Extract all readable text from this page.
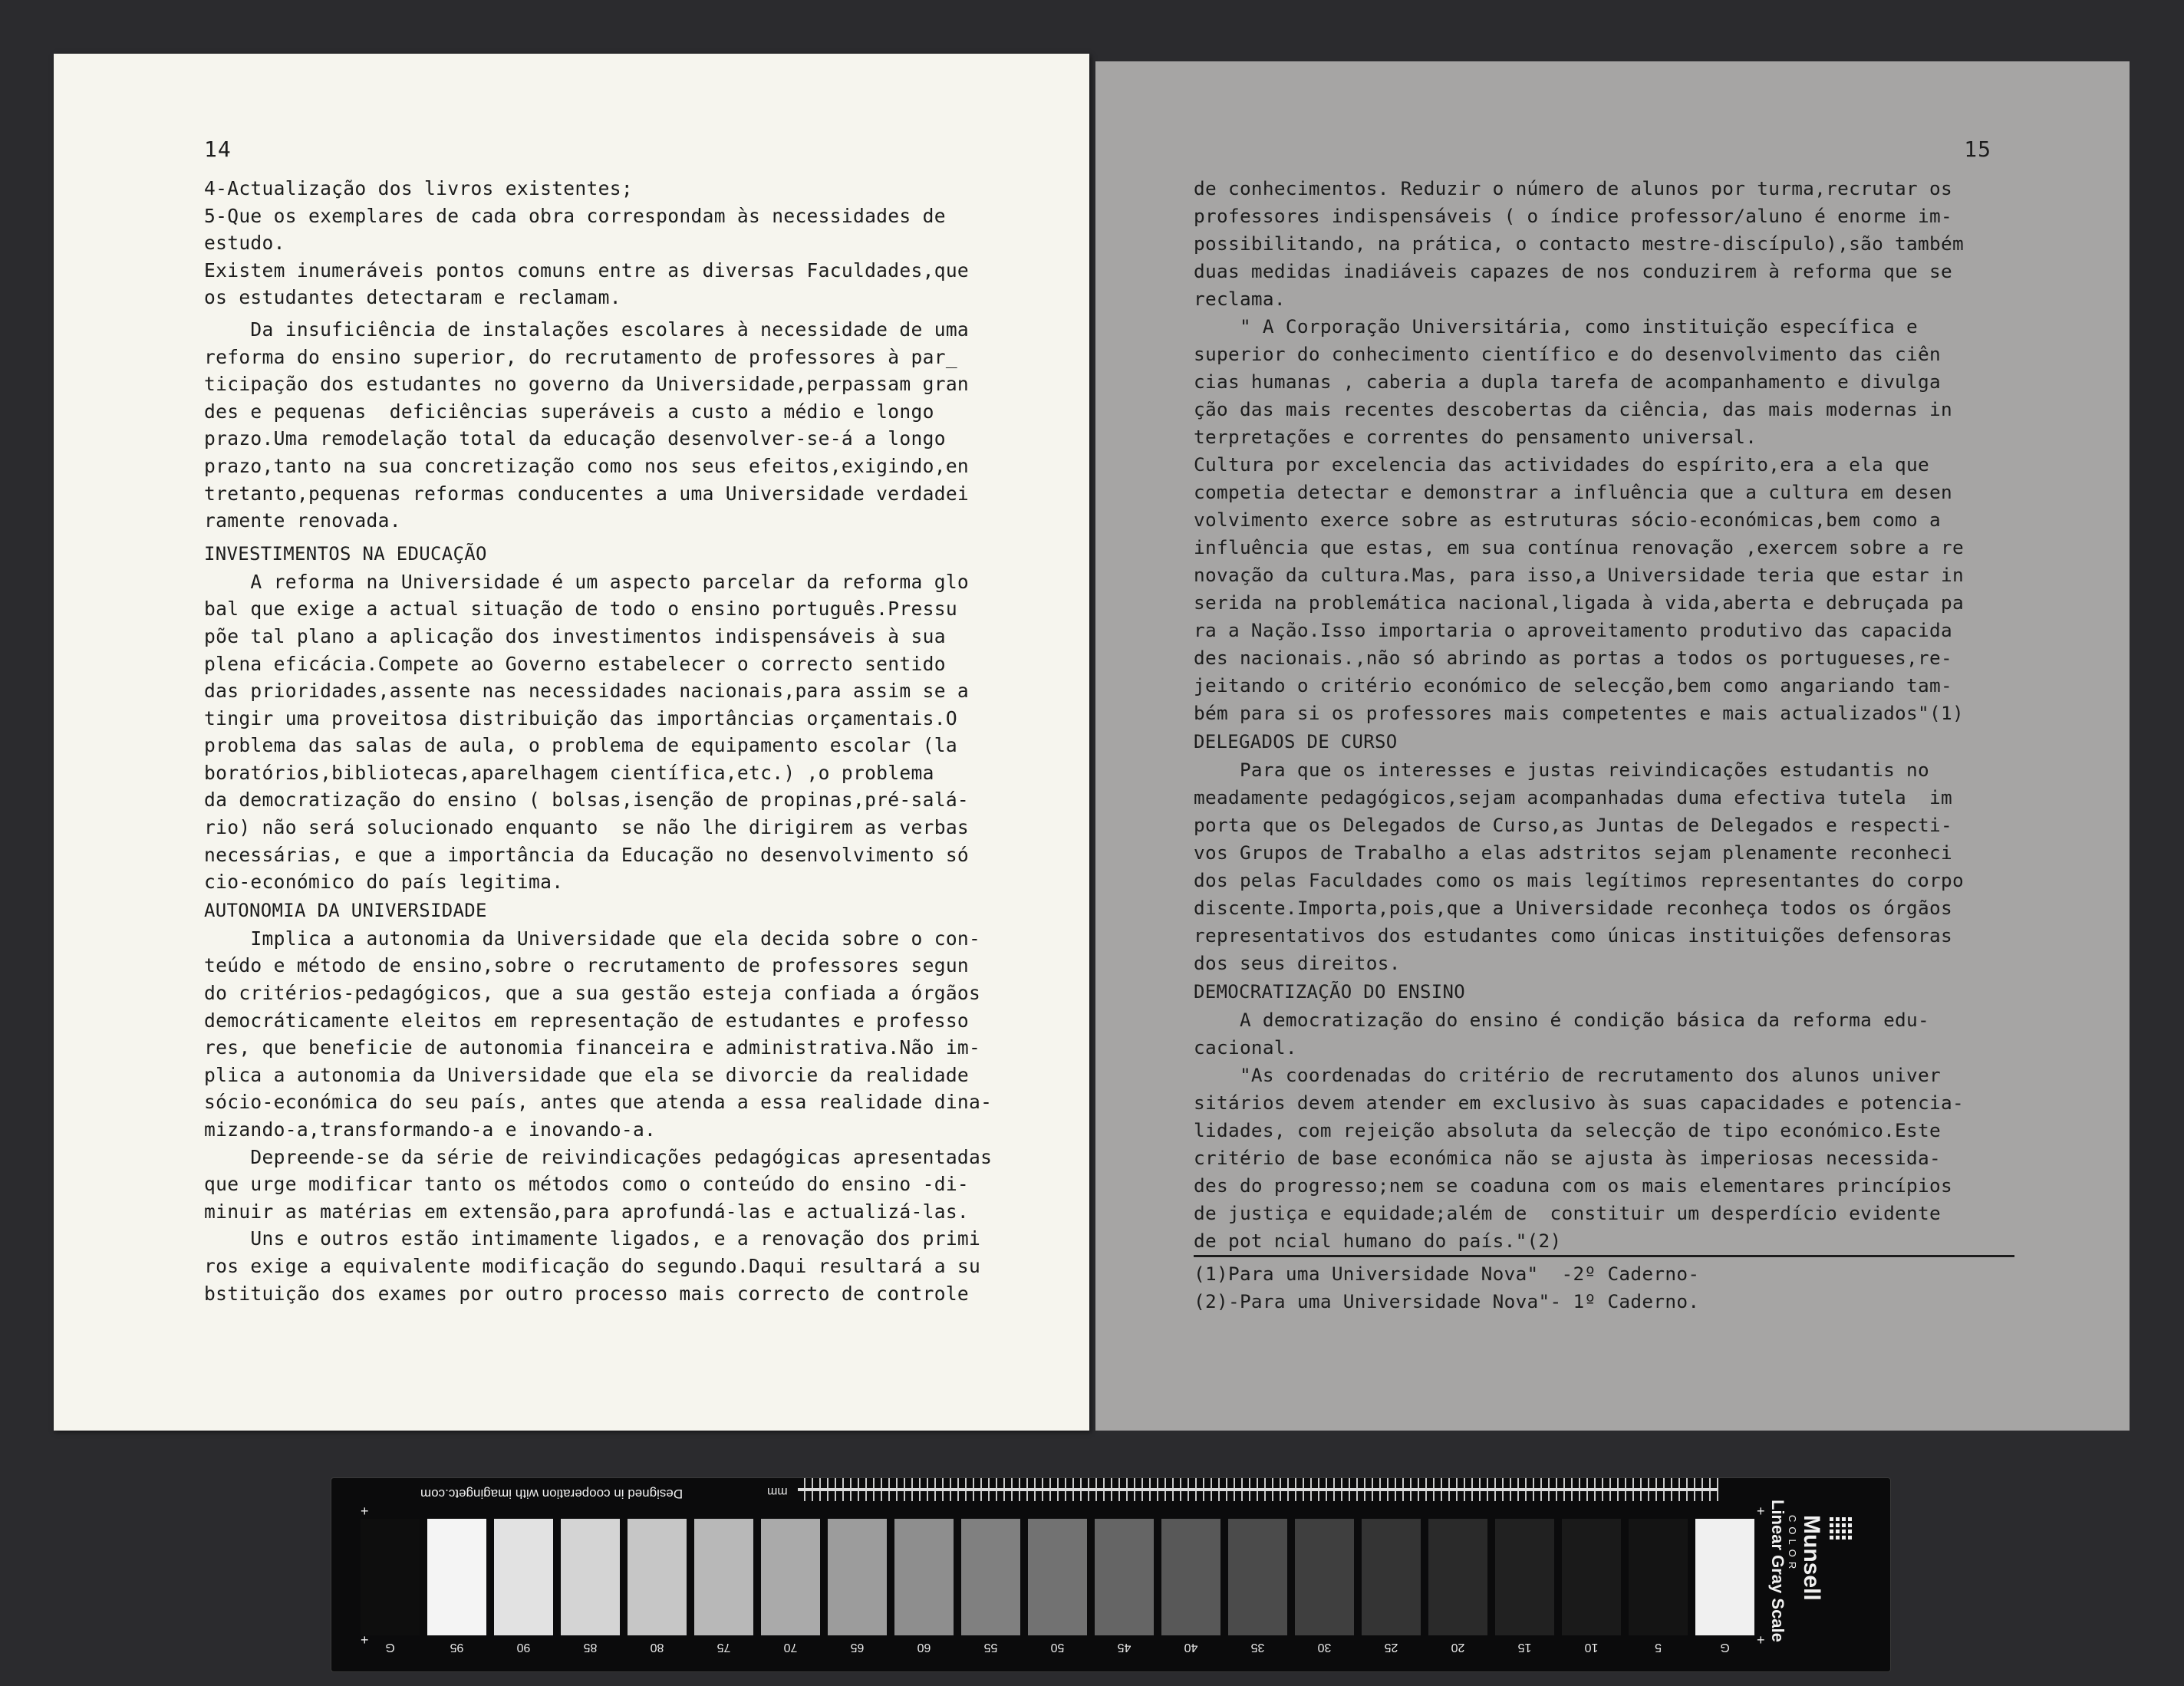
14
4-Actualização dos livros existentes;
5-Que os exemplares de cada obra correspondam às necessidades de
estudo.
Existem inumeráveis pontos comuns entre as diversas Faculdades,que
os estudantes detectaram e reclamam.
Da insuficiência de instalações escolares à necessidade de uma
reforma do ensino superior, do recrutamento de professores à par_
ticipação dos estudantes no governo da Universidade,perpassam gran
des e pequenas  deficiências superáveis a custo a médio e longo
prazo.Uma remodelação total da educação desenvolver-se-á a longo
prazo,tanto na sua concretização como nos seus efeitos,exigindo,en
tretanto,pequenas reformas conducentes a uma Universidade verdadei
ramente renovada.
INVESTIMENTOS NA EDUCAÇÃO
A reforma na Universidade é um aspecto parcelar da reforma glo
bal que exige a actual situação de todo o ensino português.Pressu
põe tal plano a aplicação dos investimentos indispensáveis à sua
plena eficácia.Compete ao Governo estabelecer o correcto sentido
das prioridades,assente nas necessidades nacionais,para assim se a
tingir uma proveitosa distribuição das importâncias orçamentais.O
problema das salas de aula, o problema de equipamento escolar (la
boratórios,bibliotecas,aparelhagem científica,etc.) ,o problema
da democratização do ensino ( bolsas,isenção de propinas,pré-salá-
rio) não será solucionado enquanto  se não lhe dirigirem as verbas
necessárias, e que a importância da Educação no desenvolvimento só
cio-económico do país legitima.
AUTONOMIA DA UNIVERSIDADE
Implica a autonomia da Universidade que ela decida sobre o con-
teúdo e método de ensino,sobre o recrutamento de professores segun
do critérios-pedagógicos, que a sua gestão esteja confiada a órgãos
democráticamente eleitos em representação de estudantes e professo
res, que beneficie de autonomia financeira e administrativa.Não im-
plica a autonomia da Universidade que ela se divorcie da realidade
sócio-económica do seu país, antes que atenda a essa realidade dina-
mizando-a,transformando-a e inovando-a.
Depreende-se da série de reivindicações pedagógicas apresentadas
que urge modificar tanto os métodos como o conteúdo do ensino -di-
minuir as matérias em extensão,para aprofundá-las e actualizá-las.
Uns e outros estão intimamente ligados, e a renovação dos primi
ros exige a equivalente modificação do segundo.Daqui resultará a su
bstituição dos exames por outro processo mais correcto de controle
15
de conhecimentos. Reduzir o número de alunos por turma,recrutar os
professores indispensáveis ( o índice professor/aluno é enorme im-
possibilitando, na prática, o contacto mestre-discípulo),são também
duas medidas inadiáveis capazes de nos conduzirem à reforma que se
reclama.
" A Corporação Universitária, como instituição específica e
superior do conhecimento científico e do desenvolvimento das ciên
cias humanas , caberia a dupla tarefa de acompanhamento e divulga
ção das mais recentes descobertas da ciência, das mais modernas in
terpretações e correntes do pensamento universal.
Cultura por excelencia das actividades do espírito,era a ela que
competia detectar e demonstrar a influência que a cultura em desen
volvimento exerce sobre as estruturas sócio-económicas,bem como a
influência que estas, em sua contínua renovação ,exercem sobre a re
novação da cultura.Mas, para isso,a Universidade teria que estar in
serida na problemática nacional,ligada à vida,aberta e debruçada pa
ra a Nação.Isso importaria o aproveitamento produtivo das capacida
des nacionais.,não só abrindo as portas a todos os portugueses,re-
jeitando o critério económico de selecção,bem como angariando tam-
bém para si os professores mais competentes e mais actualizados"(1)
DELEGADOS DE CURSO
Para que os interesses e justas reivindicações estudantis no
meadamente pedagógicos,sejam acompanhadas duma efectiva tutela  im
porta que os Delegados de Curso,as Juntas de Delegados e respecti-
vos Grupos de Trabalho a elas adstritos sejam plenamente reconheci
dos pelas Faculdades como os mais legítimos representantes do corpo
discente.Importa,pois,que a Universidade reconheça todos os órgãos
representativos dos estudantes como únicas instituições defensoras
dos seus direitos.
DEMOCRATIZAÇÃO DO ENSINO
A democratização do ensino é condição básica da reforma edu-
cacional.
"As coordenadas do critério de recrutamento dos alunos univer
sitários devem atender em exclusivo às suas capacidades e potencia-
lidades, com rejeição absoluta da selecção de tipo económico.Este
critério de base económica não se ajusta às imperiosas necessida-
des do progresso;nem se coaduna com os mais elementares princípios
de justiça e equidade;além de  constituir um desperdício evidente
de pot ncial humano do país."(2)
(1)Para uma Universidade Nova"  -2º Caderno-
(2)-Para uma Universidade Nova"- 1º Caderno.
mm
Designed in cooperation with imagingetc.com
G	95	90	85	80	75	70	65	60	55	50	45	40	35	30	25	20	15	10	5	G
Munsell
COLOR
Linear Gray Scale
+
+
+
+
